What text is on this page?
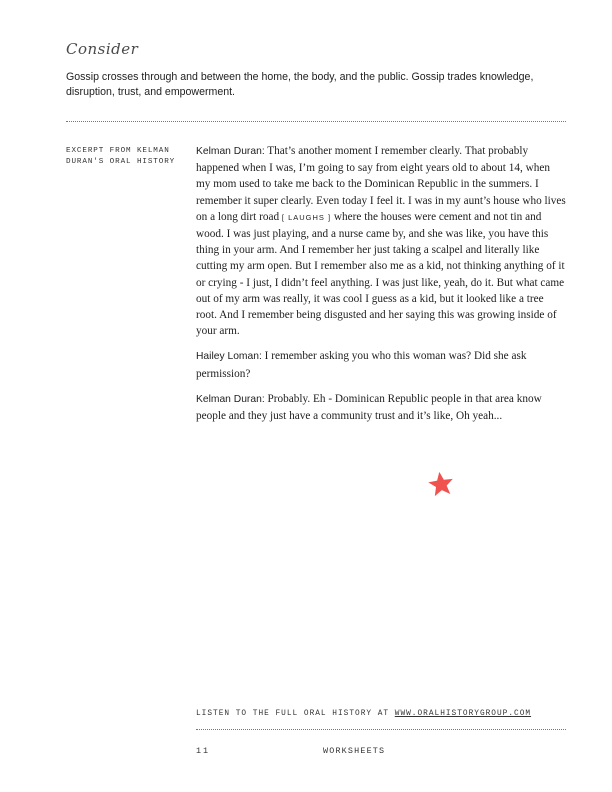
Consider

Gossip crosses through and between the home, the body, and the public. Gossip trades knowledge, disruption, trust, and empowerment.

EXCERPT FROM KELMAN DURAN'S ORAL HISTORY

Kelman Duran: That’s another moment I remember clearly. That probably happened when I was, I’m going to say from eight years old to about 14, when my mom used to take me back to the Dominican Republic in the summers. I remember it super clearly. Even today I feel it. I was in my aunt’s house who lives on a long dirt road [ LAUGHS ] where the houses were cement and not tin and wood. I was just playing, and a nurse came by, and she was like, you have this thing in your arm. And I remember her just taking a scalpel and literally like cutting my arm open. But I remember also me as a kid, not thinking anything of it or crying - I just, I didn’t feel anything. I was just like, yeah, do it. But what came out of my arm was really, it was cool I guess as a kid, but it looked like a tree root. And I remember being disgusted and her saying this was growing inside of your arm.

Hailey Loman: I remember asking you who this woman was? Did she ask permission?

Kelman Duran: Probably. Eh - Dominican Republic people in that area know people and they just have a community trust and it’s like, Oh yeah...

LISTEN TO THE FULL ORAL HISTORY AT WWW.ORALHISTORYGROUP.COM

11	WORKSHEETS
